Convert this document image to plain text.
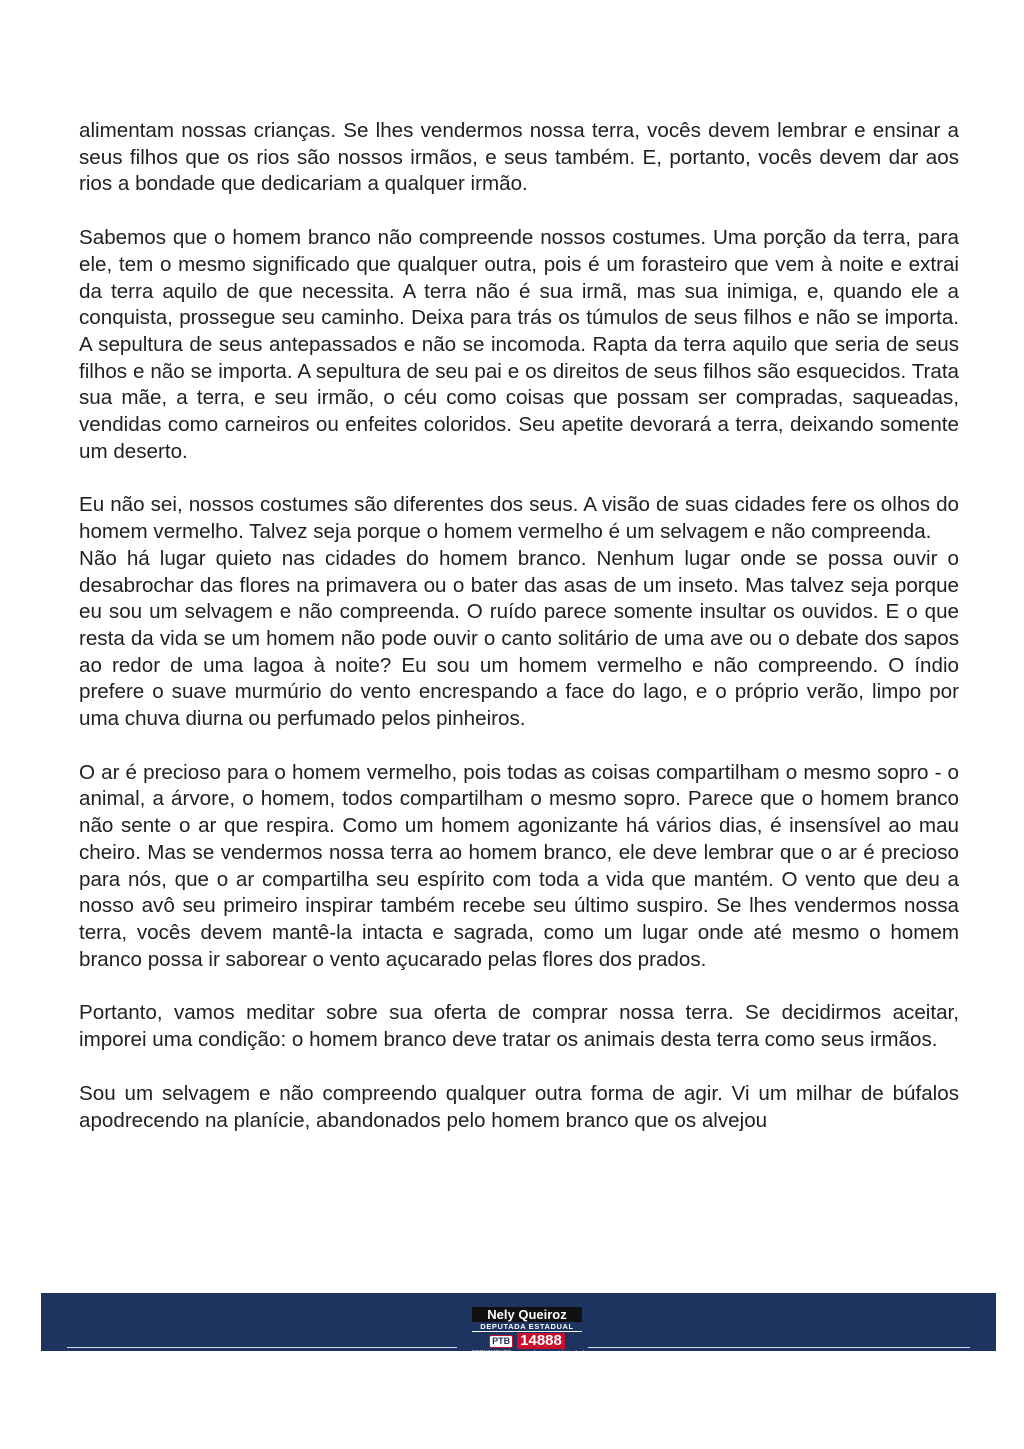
alimentam nossas crianças. Se lhes vendermos nossa terra, vocês devem lembrar e ensinar a seus filhos que os rios são nossos irmãos, e seus também. E, portanto, vocês devem dar aos rios a bondade que dedicariam a qualquer irmão.

Sabemos que o homem branco não compreende nossos costumes. Uma porção da terra, para ele, tem o mesmo significado que qualquer outra, pois é um forasteiro que vem à noite e extrai da terra aquilo de que necessita. A terra não é sua irmã, mas sua inimiga, e, quando ele a conquista, prossegue seu caminho. Deixa para trás os túmulos de seus filhos e não se importa. A sepultura de seus antepassados e não se incomoda. Rapta da terra aquilo que seria de seus filhos e não se importa. A sepultura de seu pai e os direitos de seus filhos são esquecidos. Trata sua mãe, a terra, e seu irmão, o céu como coisas que possam ser compradas, saqueadas, vendidas como carneiros ou enfeites coloridos. Seu apetite devorará a terra, deixando somente um deserto.

Eu não sei, nossos costumes são diferentes dos seus. A visão de suas cidades fere os olhos do homem vermelho. Talvez seja porque o homem vermelho é um selvagem e não compreenda.

Não há lugar quieto nas cidades do homem branco. Nenhum lugar onde se possa ouvir o desabrochar das flores na primavera ou o bater das asas de um inseto. Mas talvez seja porque eu sou um selvagem e não compreenda. O ruído parece somente insultar os ouvidos. E o que resta da vida se um homem não pode ouvir o canto solitário de uma ave ou o debate dos sapos ao redor de uma lagoa à noite? Eu sou um homem vermelho e não compreendo. O índio prefere o suave murmúrio do vento encrespando a face do lago, e o próprio verão, limpo por uma chuva diurna ou perfumado pelos pinheiros.

O ar é precioso para o homem vermelho, pois todas as coisas compartilham o mesmo sopro - o animal, a árvore, o homem, todos compartilham o mesmo sopro. Parece que o homem branco não sente o ar que respira. Como um homem agonizante há vários dias, é insensível ao mau cheiro. Mas se vendermos nossa terra ao homem branco, ele deve lembrar que o ar é precioso para nós, que o ar compartilha seu espírito com toda a vida que mantém. O vento que deu a nosso avô seu primeiro inspirar também recebe seu último suspiro. Se lhes vendermos nossa terra, vocês devem mantê-la intacta e sagrada, como um lugar onde até mesmo o homem branco possa ir saborear o vento açucarado pelas flores dos prados.

Portanto, vamos meditar sobre sua oferta de comprar nossa terra. Se decidirmos aceitar, imporei uma condição: o homem branco deve tratar os animais desta terra como seus irmãos.

Sou um selvagem e não compreendo qualquer outra forma de agir. Vi um milhar de búfalos apodrecendo na planície, abandonados pelo homem branco que os alvejou

Nely Queiroz
DEPUTADA ESTADUAL
PTB 14888
PERNAMBUCO, pensando nossa vida juntos!
